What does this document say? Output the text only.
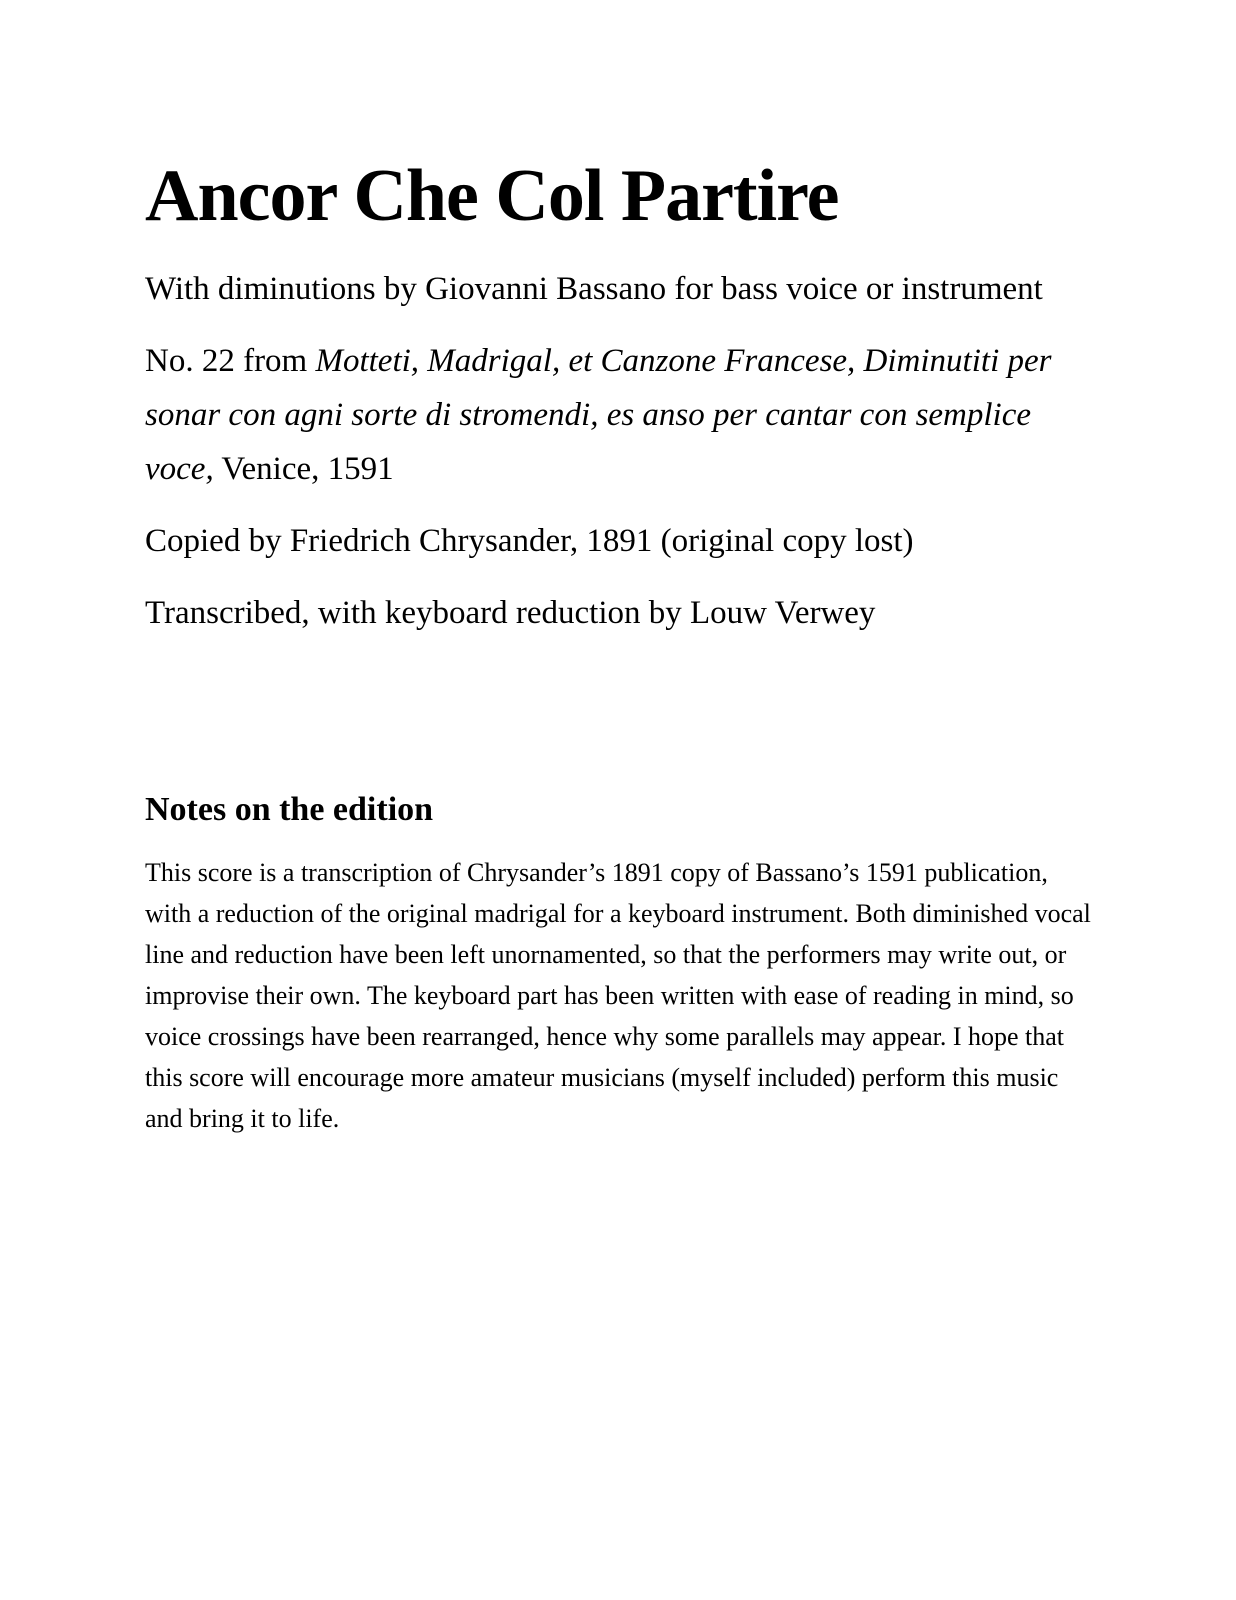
Ancor Che Col Partire

With diminutions by Giovanni Bassano for bass voice or instrument

No. 22 from Motteti, Madrigal, et Canzone Francese, Diminutiti per sonar con agni sorte di stromendi, es anso per cantar con semplice voce, Venice, 1591

Copied by Friedrich Chrysander, 1891 (original copy lost)

Transcribed, with keyboard reduction by Louw Verwey

Notes on the edition

This score is a transcription of Chrysander’s 1891 copy of Bassano’s 1591 publication, with a reduction of the original madrigal for a keyboard instrument. Both diminished vocal line and reduction have been left unornamented, so that the performers may write out, or improvise their own. The keyboard part has been written with ease of reading in mind, so voice crossings have been rearranged, hence why some parallels may appear. I hope that this score will encourage more amateur musicians (myself included) perform this music and bring it to life.
